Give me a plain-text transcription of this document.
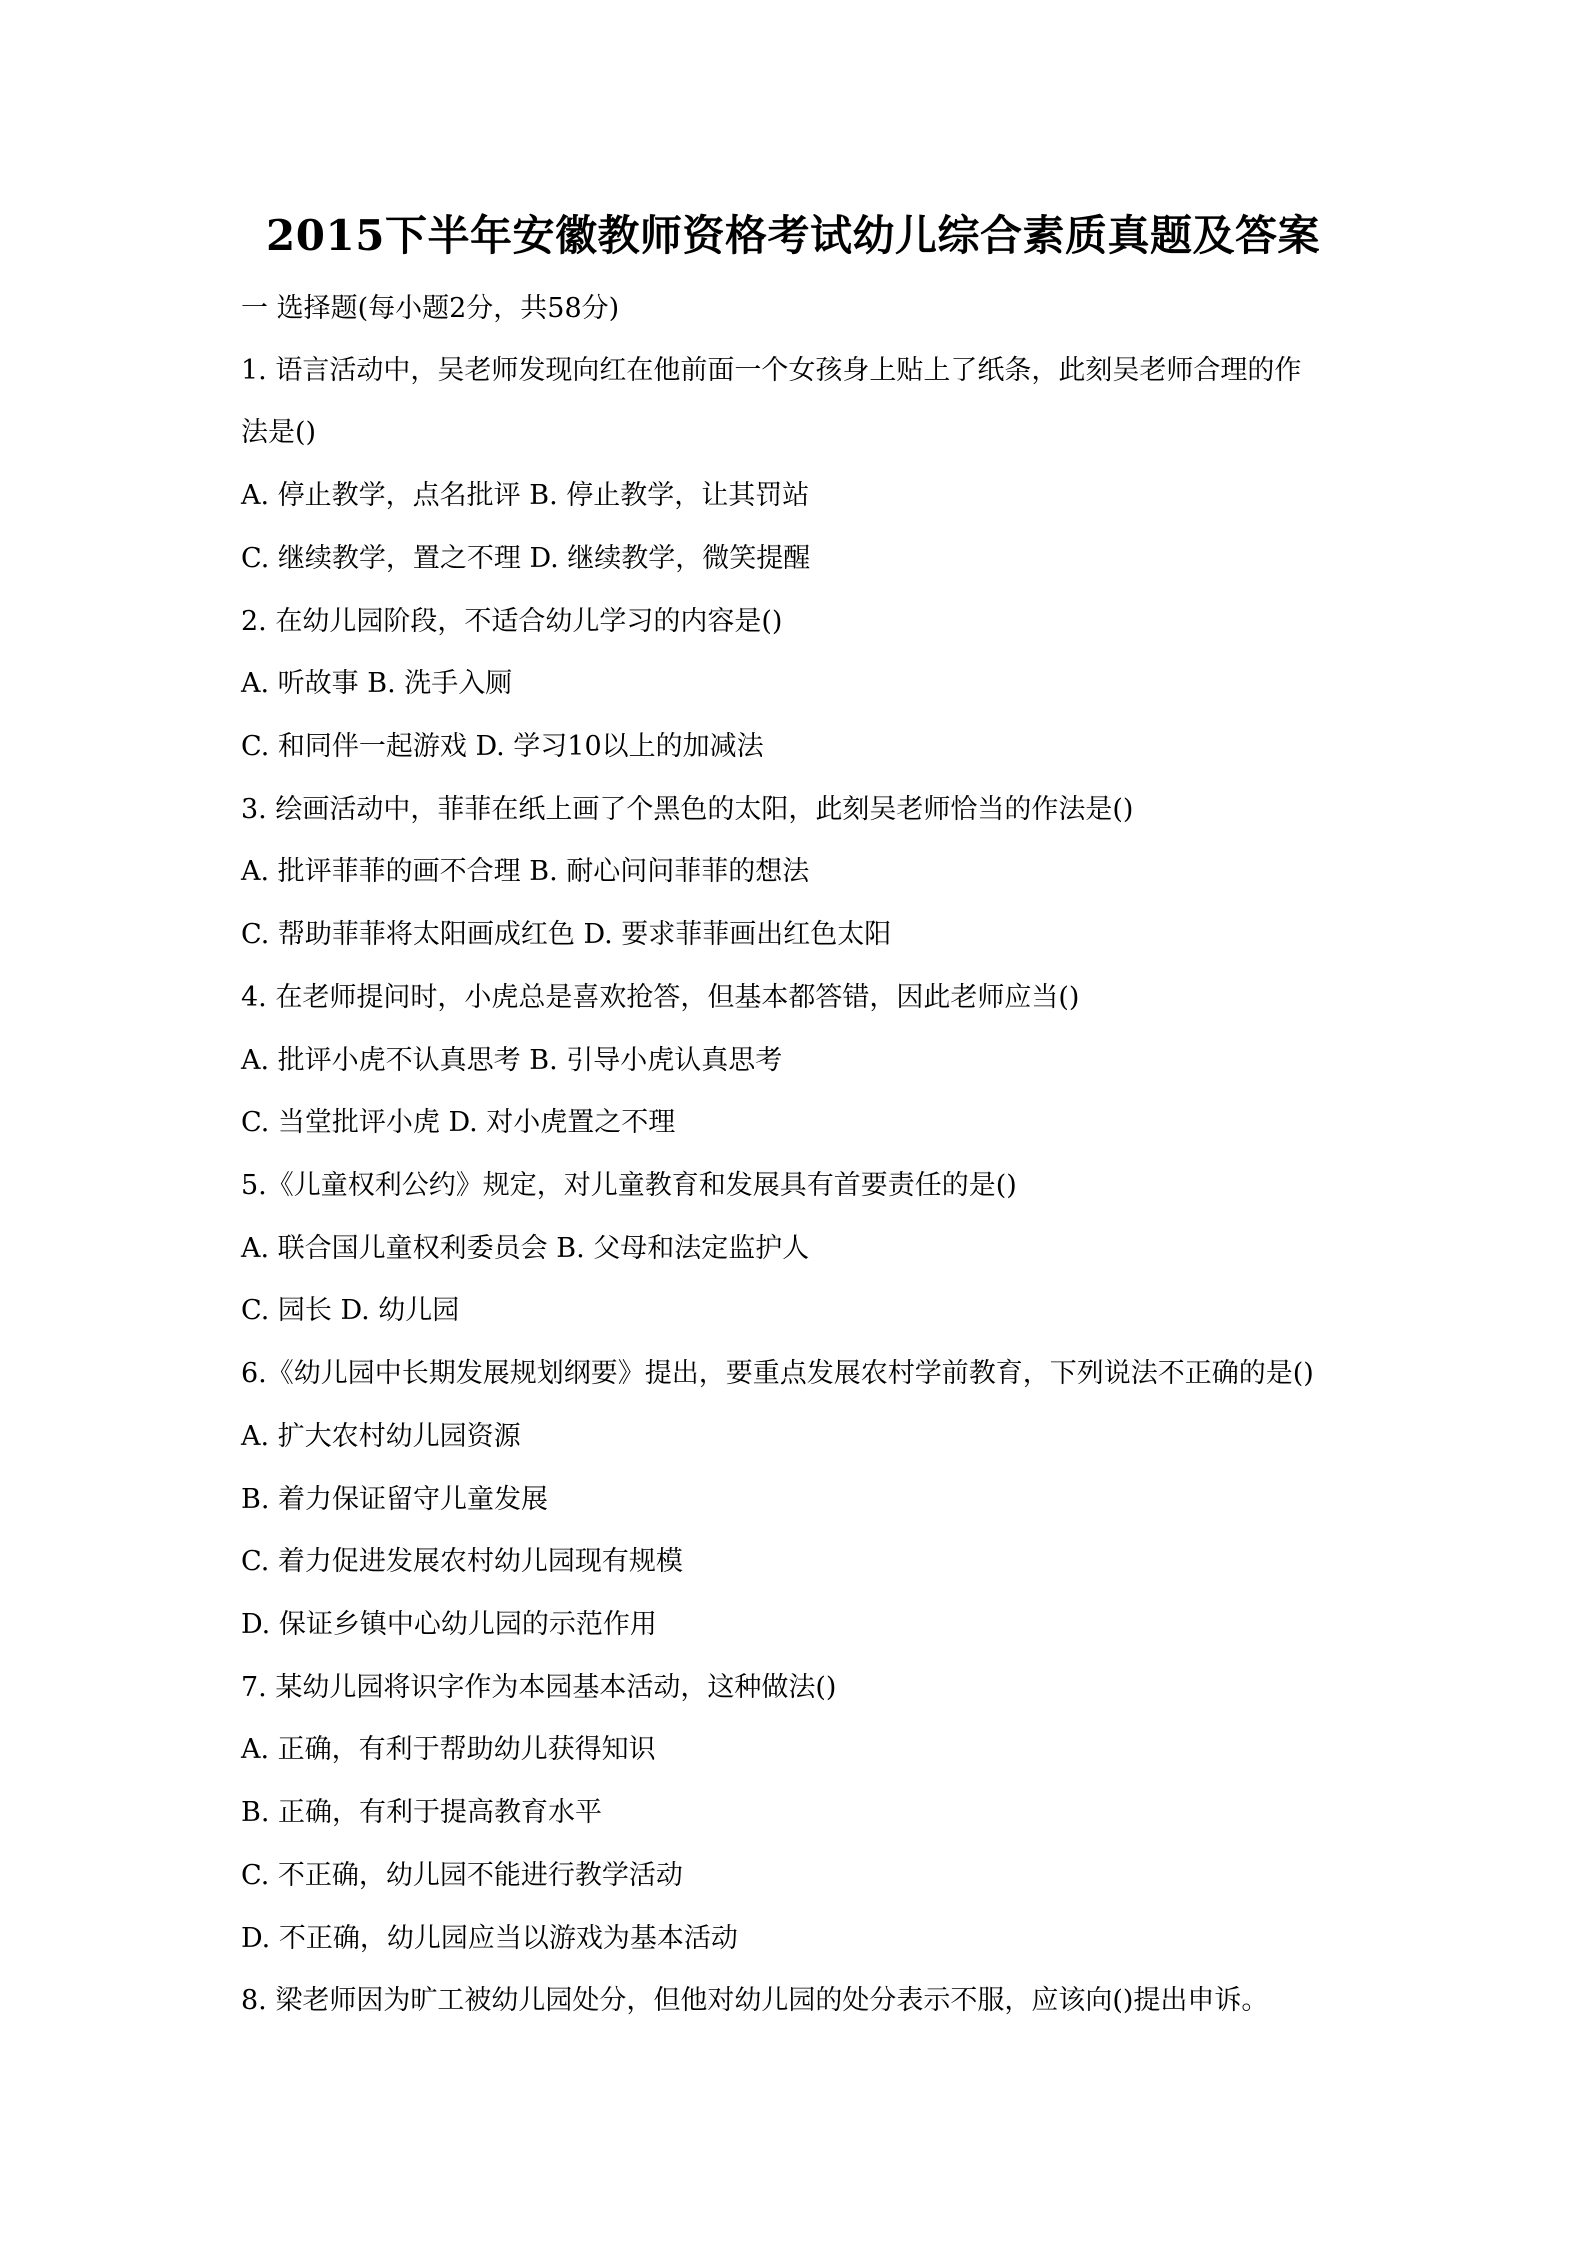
2015下半年安徽教师资格考试幼儿综合素质真题及答案
一 选择题(每小题2分，共58分)
1. 语言活动中，吴老师发现向红在他前面一个女孩身上贴上了纸条，此刻吴老师合理的作
法是()
A. 停止教学，点名批评 B. 停止教学，让其罚站
C. 继续教学，置之不理 D. 继续教学，微笑提醒
2. 在幼儿园阶段，不适合幼儿学习的内容是()
A. 听故事 B. 洗手入厕
C. 和同伴一起游戏 D. 学习10以上的加减法
3. 绘画活动中，菲菲在纸上画了个黑色的太阳，此刻吴老师恰当的作法是()
A. 批评菲菲的画不合理 B. 耐心问问菲菲的想法
C. 帮助菲菲将太阳画成红色 D. 要求菲菲画出红色太阳
4. 在老师提问时，小虎总是喜欢抢答，但基本都答错，因此老师应当()
A. 批评小虎不认真思考 B. 引导小虎认真思考
C. 当堂批评小虎 D. 对小虎置之不理
5.《儿童权利公约》规定，对儿童教育和发展具有首要责任的是()
A. 联合国儿童权利委员会 B. 父母和法定监护人
C. 园长 D. 幼儿园
6.《幼儿园中长期发展规划纲要》提出，要重点发展农村学前教育，下列说法不正确的是()
A. 扩大农村幼儿园资源
B. 着力保证留守儿童发展
C. 着力促进发展农村幼儿园现有规模
D. 保证乡镇中心幼儿园的示范作用
7. 某幼儿园将识字作为本园基本活动，这种做法()
A. 正确，有利于帮助幼儿获得知识
B. 正确，有利于提高教育水平
C. 不正确，幼儿园不能进行教学活动
D. 不正确，幼儿园应当以游戏为基本活动
8. 梁老师因为旷工被幼儿园处分，但他对幼儿园的处分表示不服，应该向()提出申诉。
